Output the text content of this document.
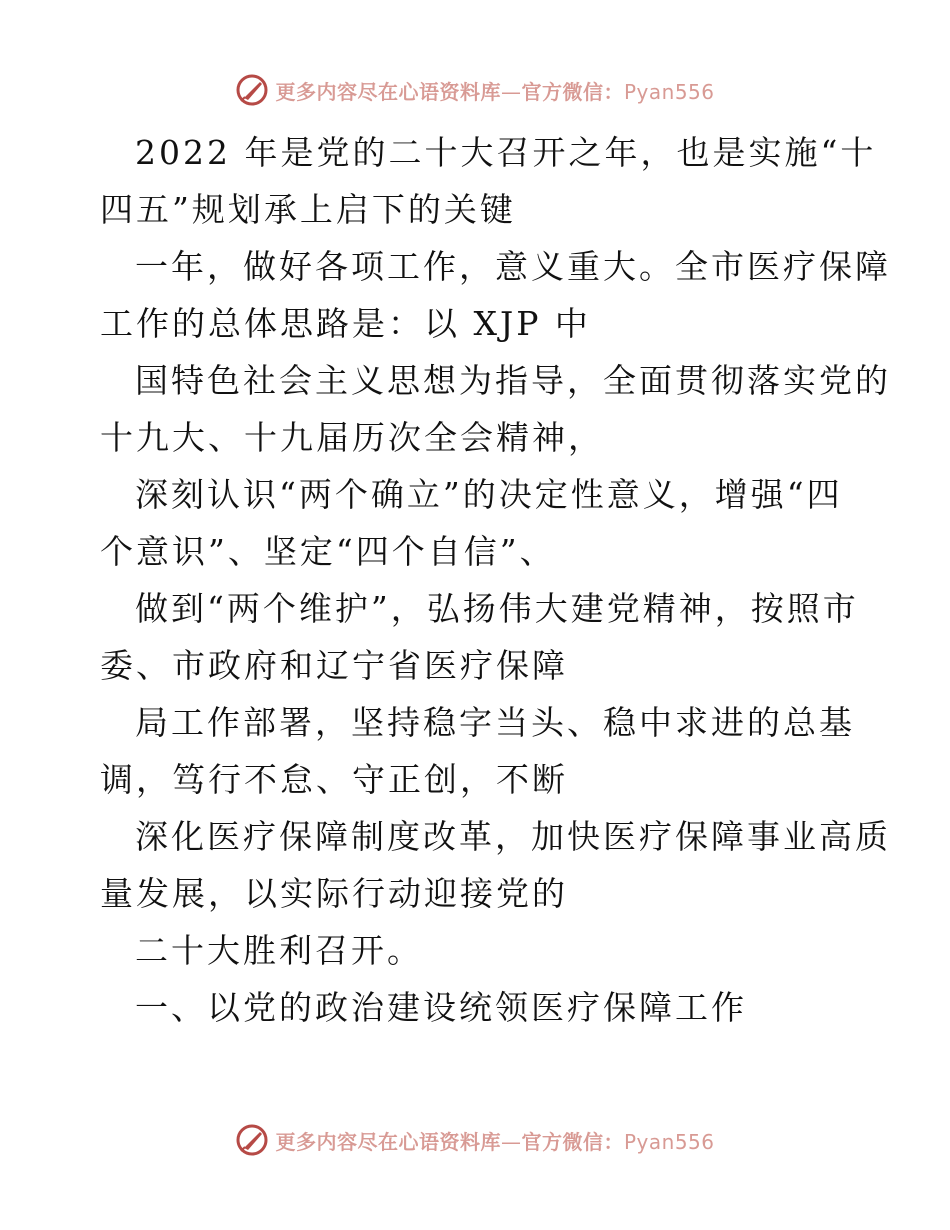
更多内容尽在心语资料库—官方微信：Pyan556

2022 年是党的二十大召开之年，也是实施“十

四五”规划承上启下的关键

一年，做好各项工作，意义重大。全市医疗保障

工作的总体思路是：以 XJP 中

国特色社会主义思想为指导，全面贯彻落实党的

十九大、十九届历次全会精神，

深刻认识“两个确立”的决定性意义，增强“四

个意识”、坚定“四个自信”、

做到“两个维护”，弘扬伟大建党精神，按照市

委、市政府和辽宁省医疗保障

局工作部署，坚持稳字当头、稳中求进的总基

调，笃行不怠、守正创，不断

深化医疗保障制度改革，加快医疗保障事业高质

量发展，以实际行动迎接党的

二十大胜利召开。

一、以党的政治建设统领医疗保障工作

更多内容尽在心语资料库—官方微信：Pyan556
